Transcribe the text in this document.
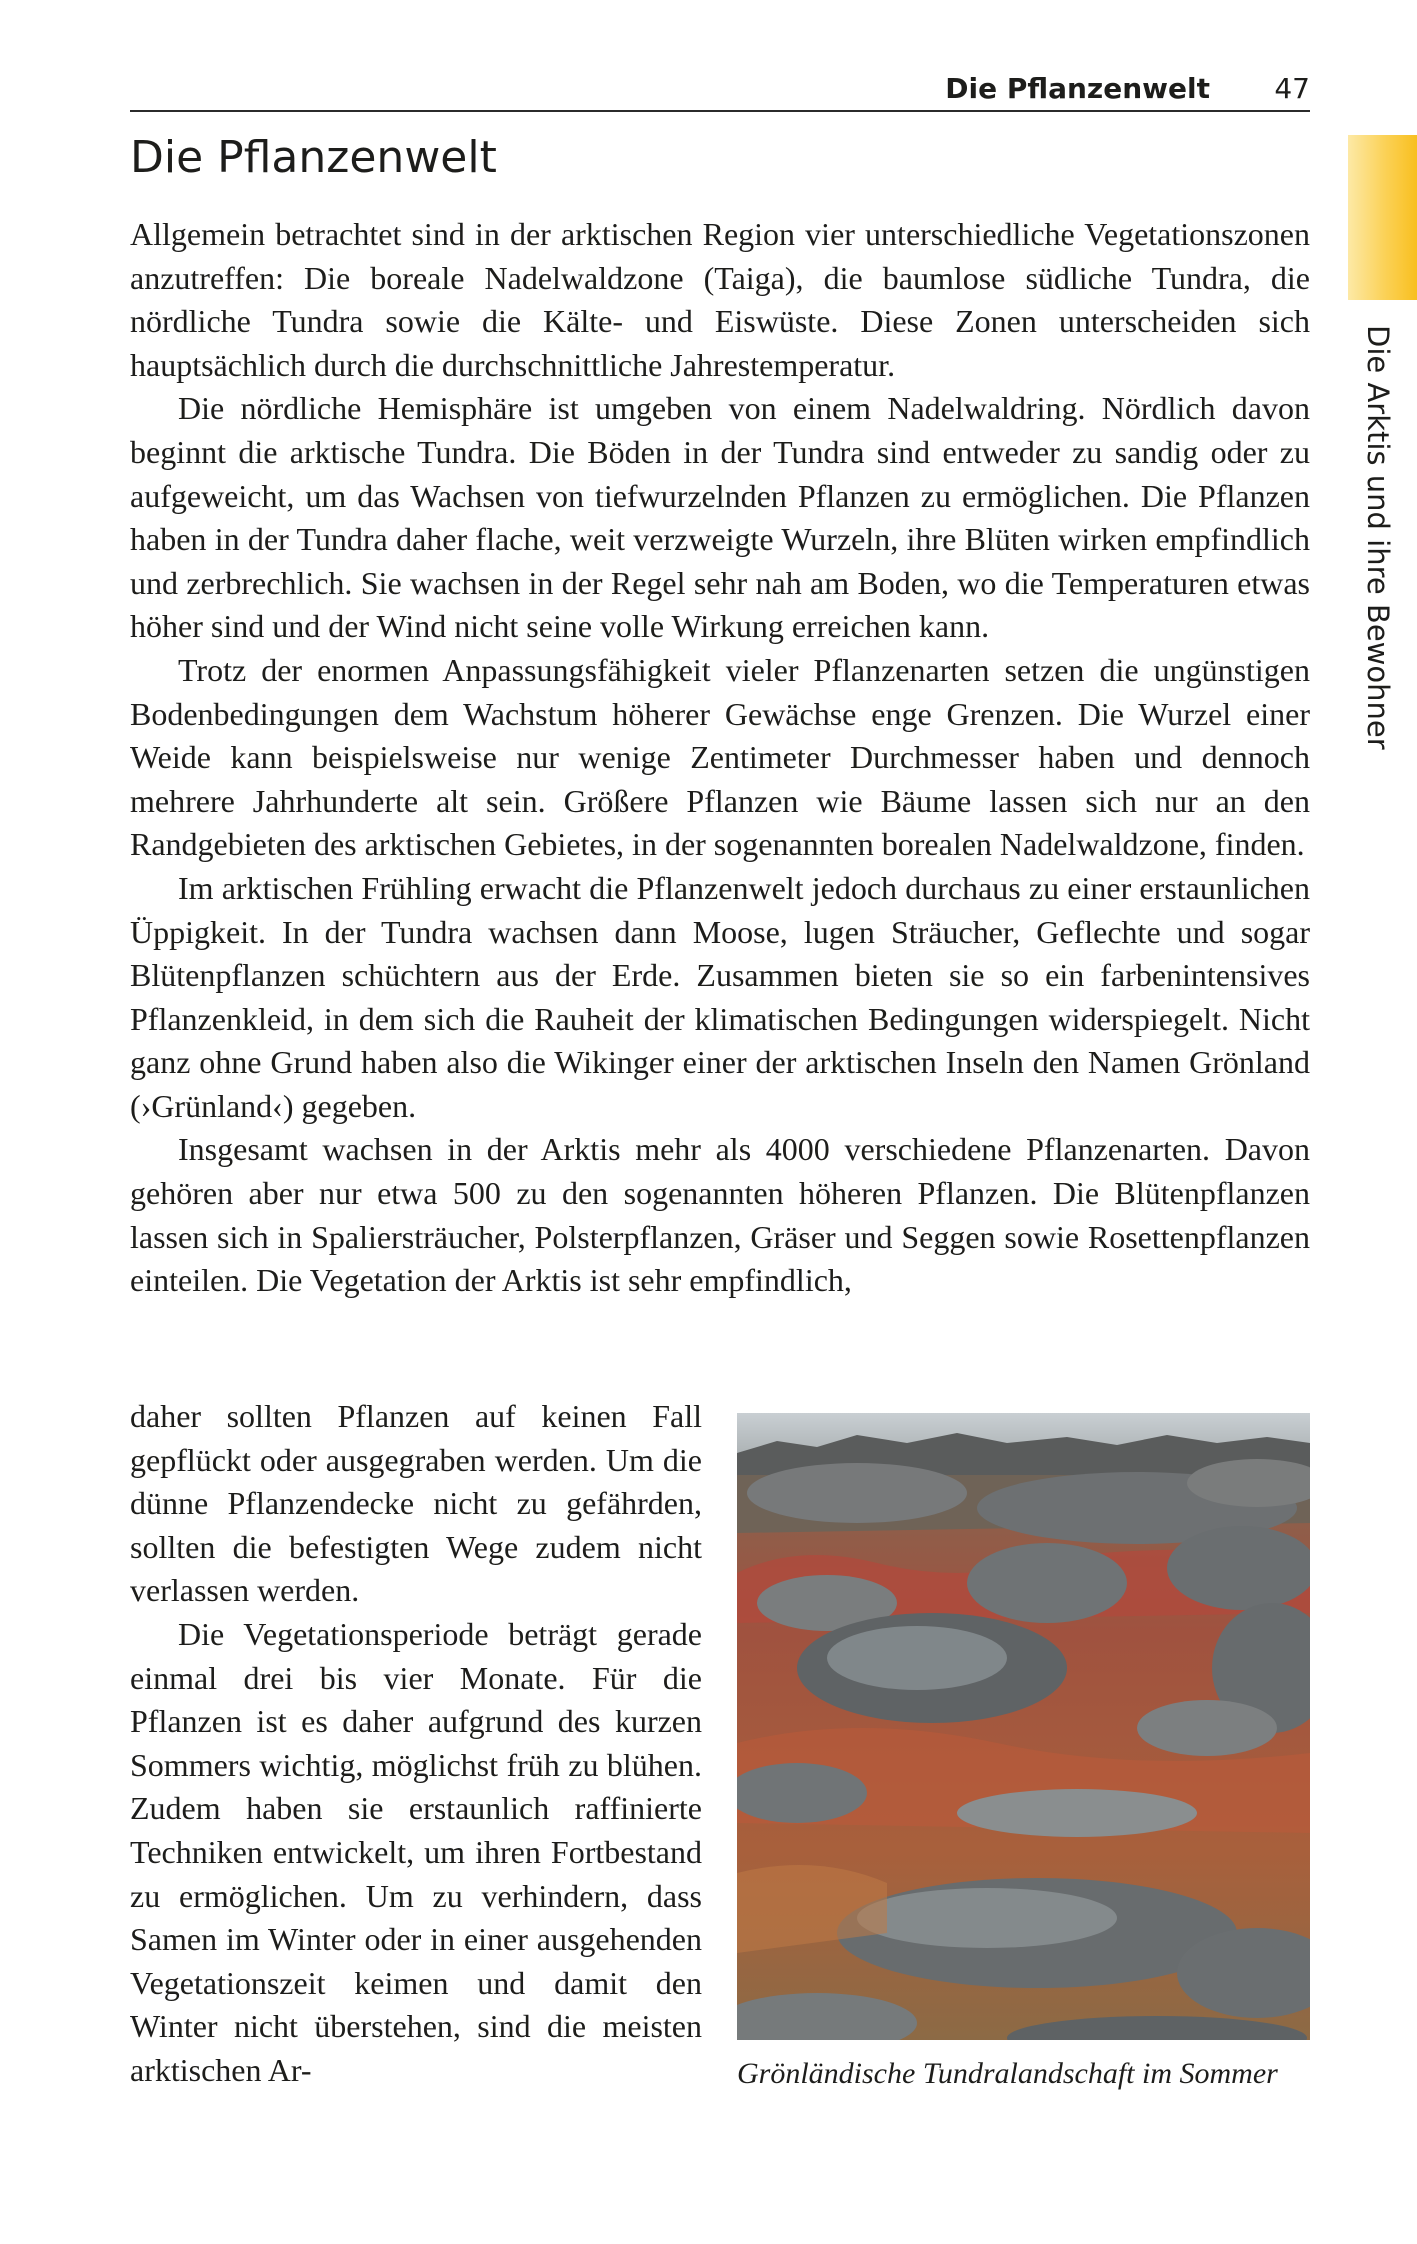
Die Pflanzenwelt 47
Die Arktis und ihre Bewohner
Die Pflanzenwelt

Allgemein betrachtet sind in der arktischen Region vier unterschiedliche Vegetationszonen anzutreffen: Die boreale Nadelwaldzone (Taiga), die baumlose südliche Tundra, die nördliche Tundra sowie die Kälte- und Eiswüste. Diese Zonen unterscheiden sich hauptsächlich durch die durchschnittliche Jahrestemperatur.

Die nördliche Hemisphäre ist umgeben von einem Nadelwaldring. Nördlich davon beginnt die arktische Tundra. Die Böden in der Tundra sind entweder zu sandig oder zu aufgeweicht, um das Wachsen von tiefwurzelnden Pflanzen zu ermöglichen. Die Pflanzen haben in der Tundra daher flache, weit verzweigte Wurzeln, ihre Blüten wirken empfindlich und zerbrechlich. Sie wachsen in der Regel sehr nah am Boden, wo die Temperaturen etwas höher sind und der Wind nicht seine volle Wirkung erreichen kann.

Trotz der enormen Anpassungsfähigkeit vieler Pflanzenarten setzen die ungünstigen Bodenbedingungen dem Wachstum höherer Gewächse enge Grenzen. Die Wurzel einer Weide kann beispielsweise nur wenige Zentimeter Durchmesser haben und dennoch mehrere Jahrhunderte alt sein. Größere Pflanzen wie Bäume lassen sich nur an den Randgebieten des arktischen Gebietes, in der sogenannten borealen Nadelwaldzone, finden.

Im arktischen Frühling erwacht die Pflanzenwelt jedoch durchaus zu einer erstaunlichen Üppigkeit. In der Tundra wachsen dann Moose, lugen Sträucher, Geflechte und sogar Blütenpflanzen schüchtern aus der Erde. Zusammen bieten sie so ein farbenintensives Pflanzenkleid, in dem sich die Rauheit der klimatischen Bedingungen widerspiegelt. Nicht ganz ohne Grund haben also die Wikinger einer der arktischen Inseln den Namen Grönland (›Grünland‹) gegeben.

Insgesamt wachsen in der Arktis mehr als 4000 verschiedene Pflanzenarten. Davon gehören aber nur etwa 500 zu den sogenannten höheren Pflanzen. Die Blütenpflanzen lassen sich in Spaliersträucher, Polsterpflanzen, Gräser und Seggen sowie Rosettenpflanzen einteilen. Die Vegetation der Arktis ist sehr empfindlich,

daher sollten Pflanzen auf keinen Fall gepflückt oder ausgegraben werden. Um die dünne Pflanzendecke nicht zu gefährden, sollten die befestigten Wege zudem nicht verlassen werden.

Die Vegetationsperiode beträgt gerade einmal drei bis vier Monate. Für die Pflanzen ist es daher aufgrund des kurzen Sommers wichtig, möglichst früh zu blühen. Zudem haben sie erstaunlich raffinierte Techniken entwickelt, um ihren Fortbestand zu ermöglichen. Um zu verhindern, dass Samen im Winter oder in einer ausgehenden Vegetationszeit keimen und damit den Winter nicht überstehen, sind die meisten arktischen Ar-	Grönländische Tundralandschaft im Sommer
